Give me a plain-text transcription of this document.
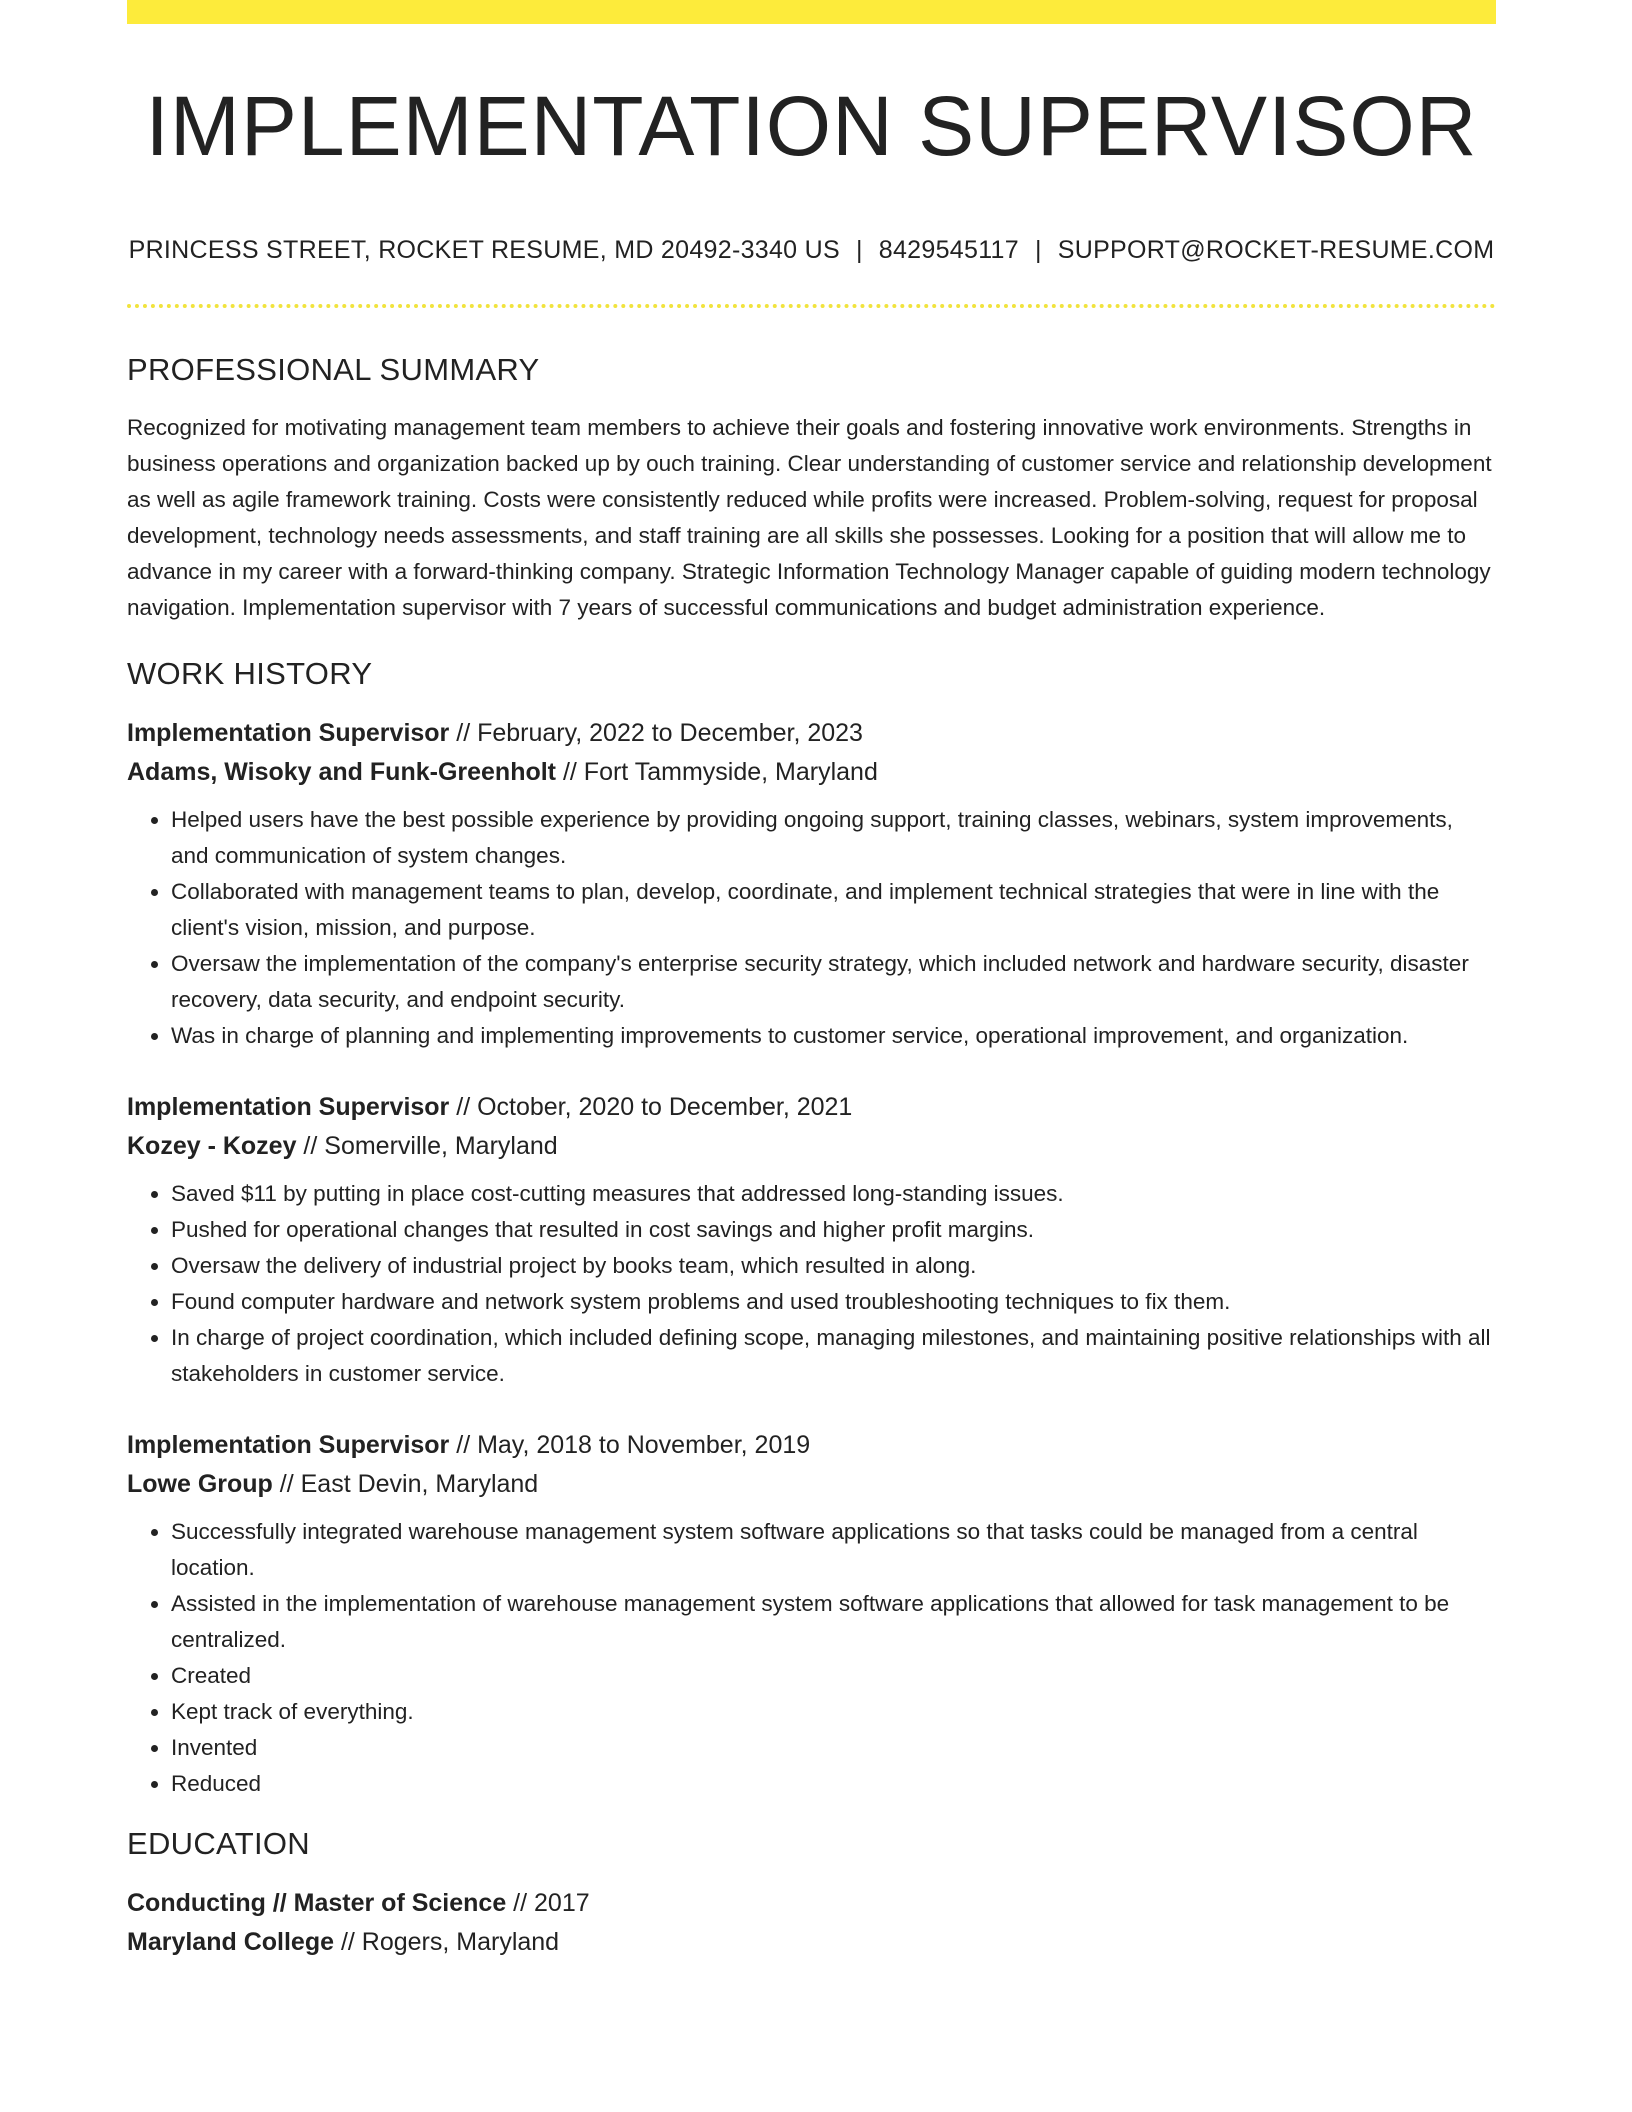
IMPLEMENTATION SUPERVISOR
PRINCESS STREET, ROCKET RESUME, MD 20492-3340 US | 8429545117 | SUPPORT@ROCKET-RESUME.COM
PROFESSIONAL SUMMARY

Recognized for motivating management team members to achieve their goals and fostering innovative work environments. Strengths in business operations and organization backed up by ouch training. Clear understanding of customer service and relationship development as well as agile framework training. Costs were consistently reduced while profits were increased. Problem-solving, request for proposal development, technology needs assessments, and staff training are all skills she possesses. Looking for a position that will allow me to advance in my career with a forward-thinking company. Strategic Information Technology Manager capable of guiding modern technology navigation. Implementation supervisor with 7 years of successful communications and budget administration experience.

WORK HISTORY
Implementation Supervisor // February, 2022 to December, 2023
Adams, Wisoky and Funk-Greenholt // Fort Tammyside, Maryland
• Helped users have the best possible experience by providing ongoing support, training classes, webinars, system improvements, and communication of system changes.
• Collaborated with management teams to plan, develop, coordinate, and implement technical strategies that were in line with the client's vision, mission, and purpose.
• Oversaw the implementation of the company's enterprise security strategy, which included network and hardware security, disaster recovery, data security, and endpoint security.
• Was in charge of planning and implementing improvements to customer service, operational improvement, and organization.
Implementation Supervisor // October, 2020 to December, 2021
Kozey - Kozey // Somerville, Maryland
• Saved $11 by putting in place cost-cutting measures that addressed long-standing issues.
• Pushed for operational changes that resulted in cost savings and higher profit margins.
• Oversaw the delivery of industrial project by books team, which resulted in along.
• Found computer hardware and network system problems and used troubleshooting techniques to fix them.
• In charge of project coordination, which included defining scope, managing milestones, and maintaining positive relationships with all stakeholders in customer service.
Implementation Supervisor // May, 2018 to November, 2019
Lowe Group // East Devin, Maryland
• Successfully integrated warehouse management system software applications so that tasks could be managed from a central location.
• Assisted in the implementation of warehouse management system software applications that allowed for task management to be centralized.
• Created
• Kept track of everything.
• Invented
• Reduced
EDUCATION
Conducting // Master of Science // 2017
Maryland College // Rogers, Maryland
